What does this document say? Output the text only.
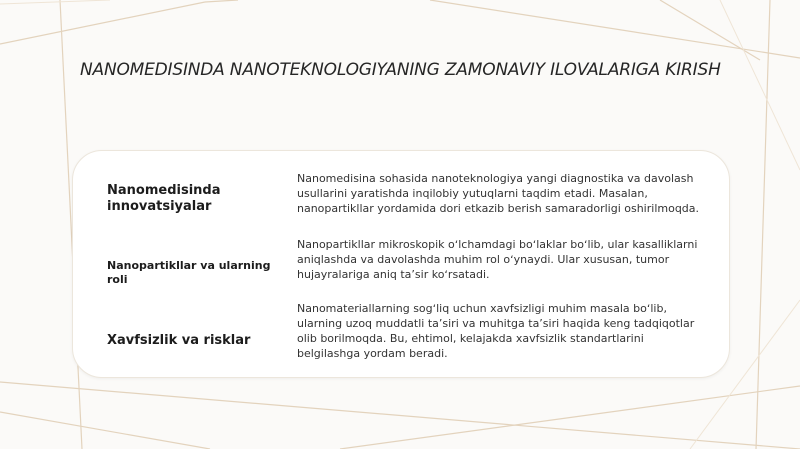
NANOMEDISINDA NANOTEKNOLOGIYANING ZAMONAVIY ILOVALARIGA KIRISH
Nanomedisinda innovatsiyalar
Nanomedisina sohasida nanoteknologiya yangi diagnostika va davolash usullarini yaratishda inqilobiy yutuqlarni taqdim etadi. Masalan, nanopartikllar yordamida dori etkazib berish samaradorligi oshirilmoqda.
Nanopartikllar va ularning roli
Nanopartikllar mikroskopik oʻlchamdagi boʻlaklar boʻlib, ular kasalliklarni aniqlashda va davolashda muhim rol oʻynaydi. Ular xususan, tumor hujayralariga aniq taʼsir koʻrsatadi.
Xavfsizlik va risklar
Nanomateriallarning sogʻliq uchun xavfsizligi muhim masala boʻlib, ularning uzoq muddatli taʼsiri va muhitga taʼsiri haqida keng tadqiqotlar olib borilmoqda. Bu, ehtimol, kelajakda xavfsizlik standartlarini belgilashga yordam beradi.
